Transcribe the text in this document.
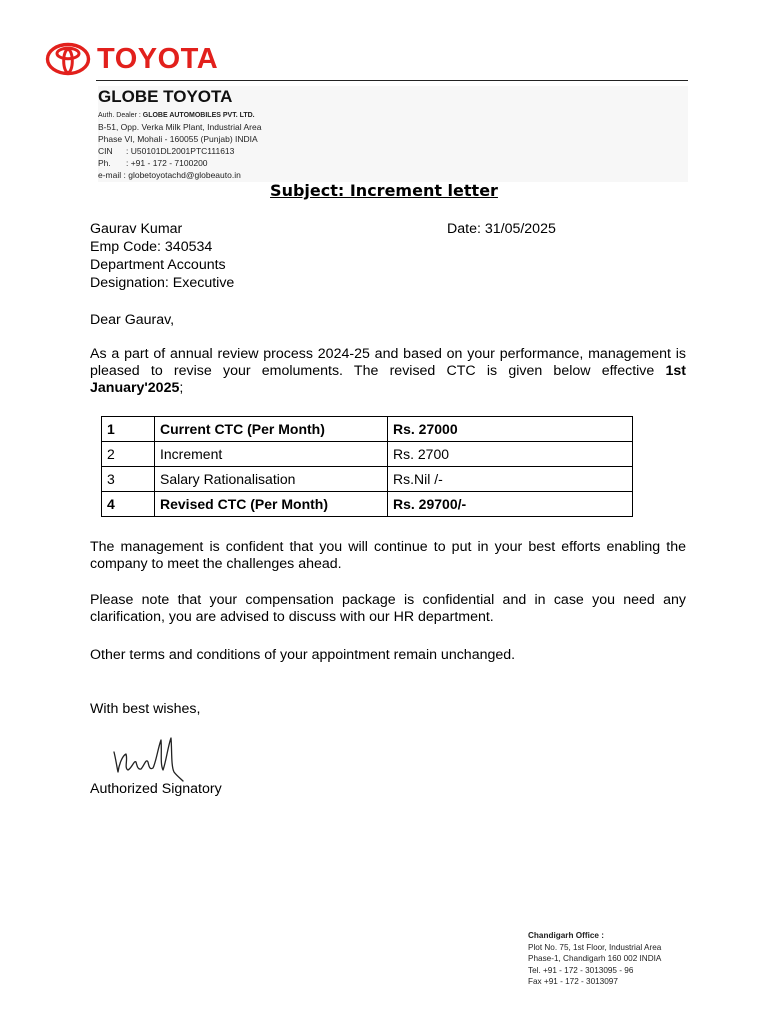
TOYOTA
GLOBE TOYOTA
Auth. Dealer : GLOBE AUTOMOBILES PVT. LTD.
B-51, Opp. Verka Milk Plant, Industrial Area
Phase VI, Mohali - 160055 (Punjab) INDIA
CIN : U50101DL2001PTC111613
Ph. : +91 - 172 - 7100200
e-mail : globetoyotachd@globeauto.in
Subject: Increment letter
Gaurav Kumar	Date: 31/05/2025
Emp Code: 340534
Department Accounts
Designation: Executive
Dear Gaurav,
As a part of annual review process 2024-25 and based on your performance, management is pleased to revise your emoluments. The revised CTC is given below effective 1st January'2025;
1	Current CTC (Per Month)	Rs. 27000
2	Increment	Rs. 2700
3	Salary Rationalisation	Rs.Nil /-
4	Revised CTC (Per Month)	Rs. 29700/-
The management is confident that you will continue to put in your best efforts enabling the company to meet the challenges ahead.
Please note that your compensation package is confidential and in case you need any clarification, you are advised to discuss with our HR department.
Other terms and conditions of your appointment remain unchanged.
With best wishes,
Authorized Signatory
Chandigarh Office :
Plot No. 75, 1st Floor, Industrial Area
Phase-1, Chandigarh 160 002 INDIA
Tel. +91 - 172 - 3013095 - 96
Fax +91 - 172 - 3013097
